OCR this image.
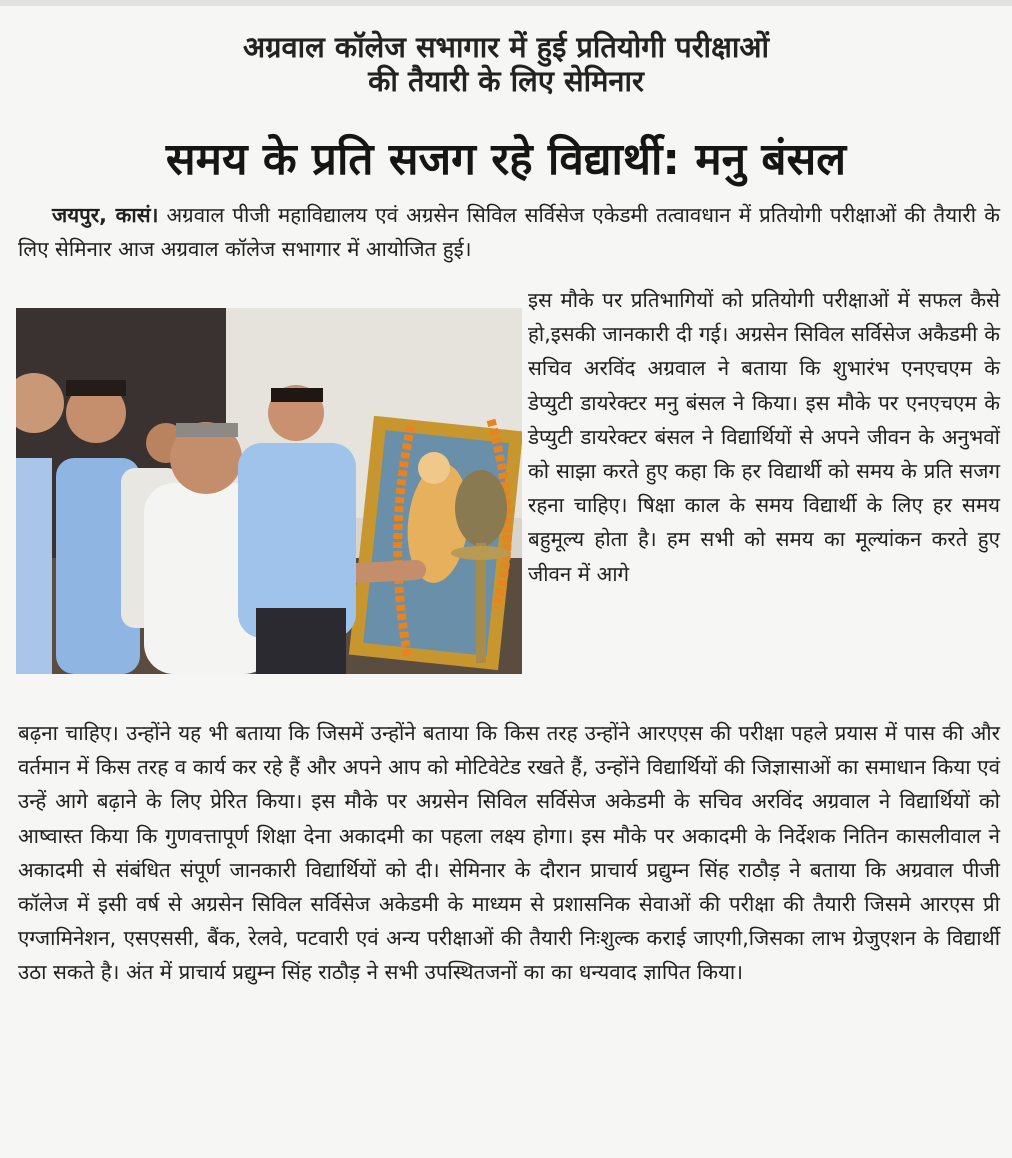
अग्रवाल कॉलेज सभागार में हुई प्रतियोगी परीक्षाओं
की तैयारी के लिए सेमिनार
समय के प्रति सजग रहे विद्यार्थी: मनु बंसल
जयपुर, कासं। अग्रवाल पीजी महाविद्यालय एवं अग्रसेन सिविल सर्विसेज एकेडमी तत्वावधान में प्रतियोगी परीक्षाओं की तैयारी के लिए सेमिनार आज अग्रवाल कॉलेज सभागार में आयोजित हुई।
इस मौके पर प्रतिभागियों को प्रतियोगी परीक्षाओं में सफल कैसे हो,इसकी जानकारी दी गई। अग्रसेन सिविल सर्विसेज अकैडमी के सचिव अरविंद अग्रवाल ने बताया कि शुभारंभ एनएचएम के डेप्युटी डायरेक्टर मनु बंसल ने किया। इस मौके पर एनएचएम के डेप्युटी डायरेक्टर बंसल ने विद्यार्थियों से अपने जीवन के अनुभवों को साझा करते हुए कहा कि हर विद्यार्थी को समय के प्रति सजग रहना चाहिए। षिक्षा काल के समय विद्यार्थी के लिए हर समय बहुमूल्य होता है। हम सभी को समय का मूल्यांकन करते हुए जीवन में आगे
बढ़ना चाहिए। उन्होंने यह भी बताया कि जिसमें उन्होंने बताया कि किस तरह उन्होंने आरएएस की परीक्षा पहले प्रयास में पास की और वर्तमान में किस तरह व कार्य कर रहे हैं और अपने आप को मोटिवेटेड रखते हैं, उन्होंने विद्यार्थियों की जिज्ञासाओं का समाधान किया एवं उन्हें आगे बढ़ाने के लिए प्रेरित किया। इस मौके पर अग्रसेन सिविल सर्विसेज अकेडमी के सचिव अरविंद अग्रवाल ने विद्यार्थियों को आष्वास्त किया कि गुणवत्तापूर्ण शिक्षा देना अकादमी का पहला लक्ष्य होगा। इस मौके पर अकादमी के निर्देशक नितिन कासलीवाल ने अकादमी से संबंधित संपूर्ण जानकारी विद्यार्थियों को दी। सेमिनार के दौरान प्राचार्य प्रद्युम्न सिंह राठौड़ ने बताया कि अग्रवाल पीजी कॉलेज में इसी वर्ष से अग्रसेन सिविल सर्विसेज अकेडमी के माध्यम से प्रशासनिक सेवाओं की परीक्षा की तैयारी जिसमे आरएस प्री एग्जामिनेशन, एसएससी, बैंक, रेलवे, पटवारी एवं अन्य परीक्षाओं की तैयारी निःशुल्क कराई जाएगी,जिसका लाभ ग्रेजुएशन के विद्यार्थी उठा सकते है। अंत में प्राचार्य प्रद्युम्न सिंह राठौड़ ने सभी उपस्थितजनों का का धन्यवाद ज्ञापित किया।
